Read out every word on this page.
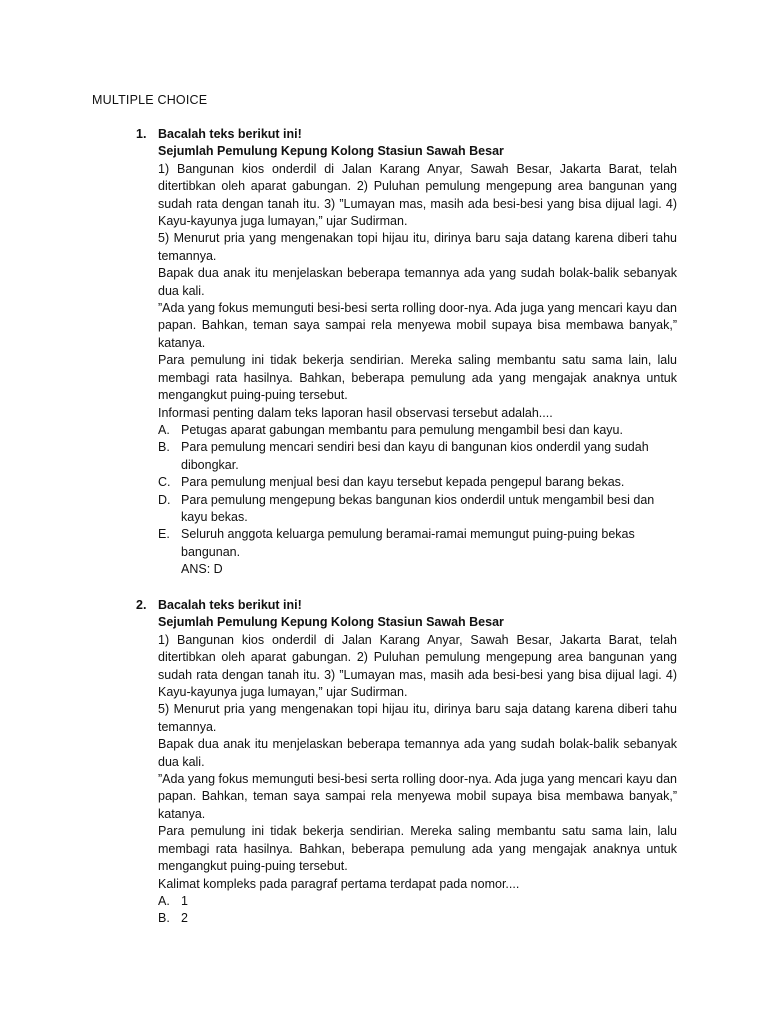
MULTIPLE CHOICE
1. Bacalah teks berikut ini!
Sejumlah Pemulung Kepung Kolong Stasiun Sawah Besar
1) Bangunan kios onderdil di Jalan Karang Anyar, Sawah Besar, Jakarta Barat, telah ditertibkan oleh aparat gabungan. 2) Puluhan pemulung mengepung area bangunan yang sudah rata dengan tanah itu. 3) ”Lumayan mas, masih ada besi-besi yang bisa dijual lagi. 4) Kayu-kayunya juga lumayan,” ujar Sudirman.
5) Menurut pria yang mengenakan topi hijau itu, dirinya baru saja datang karena diberi tahu temannya.
Bapak dua anak itu menjelaskan beberapa temannya ada yang sudah bolak-balik sebanyak dua kali.
”Ada yang fokus memunguti besi-besi serta rolling door-nya. Ada juga yang mencari kayu dan papan. Bahkan, teman saya sampai rela menyewa mobil supaya bisa membawa banyak,” katanya.
Para pemulung ini tidak bekerja sendirian. Mereka saling membantu satu sama lain, lalu membagi rata hasilnya. Bahkan, beberapa pemulung ada yang mengajak anaknya untuk mengangkut puing-puing tersebut.
Informasi penting dalam teks laporan hasil observasi tersebut adalah....
A. Petugas aparat gabungan membantu para pemulung mengambil besi dan kayu.
B. Para pemulung mencari sendiri besi dan kayu di bangunan kios onderdil yang sudah dibongkar.
C. Para pemulung menjual besi dan kayu tersebut kepada pengepul barang bekas.
D. Para pemulung mengepung bekas bangunan kios onderdil untuk mengambil besi dan kayu bekas.
E. Seluruh anggota keluarga pemulung beramai-ramai memungut puing-puing bekas bangunan.
ANS: D
2. Bacalah teks berikut ini!
Sejumlah Pemulung Kepung Kolong Stasiun Sawah Besar
1) Bangunan kios onderdil di Jalan Karang Anyar, Sawah Besar, Jakarta Barat, telah ditertibkan oleh aparat gabungan. 2) Puluhan pemulung mengepung area bangunan yang sudah rata dengan tanah itu. 3) ”Lumayan mas, masih ada besi-besi yang bisa dijual lagi. 4) Kayu-kayunya juga lumayan,” ujar Sudirman.
5) Menurut pria yang mengenakan topi hijau itu, dirinya baru saja datang karena diberi tahu temannya.
Bapak dua anak itu menjelaskan beberapa temannya ada yang sudah bolak-balik sebanyak dua kali.
”Ada yang fokus memunguti besi-besi serta rolling door-nya. Ada juga yang mencari kayu dan papan. Bahkan, teman saya sampai rela menyewa mobil supaya bisa membawa banyak,” katanya.
Para pemulung ini tidak bekerja sendirian. Mereka saling membantu satu sama lain, lalu membagi rata hasilnya. Bahkan, beberapa pemulung ada yang mengajak anaknya untuk mengangkut puing-puing tersebut.
Kalimat kompleks pada paragraf pertama terdapat pada nomor....
A. 1
B. 2
